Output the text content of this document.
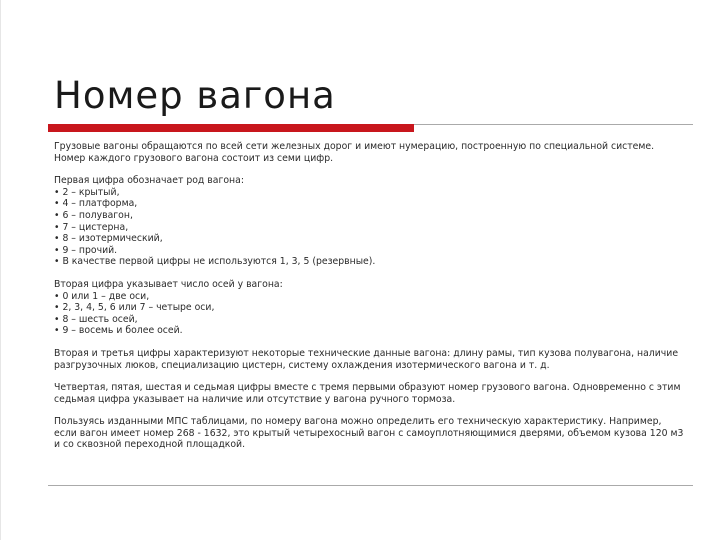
Номер вагона

Грузовые вагоны обращаются по всей сети железных дорог и имеют нумерацию, построенную по специальной системе. Номер каждого грузового вагона состоит из семи цифр.

Первая цифра обозначает род вагона:
• 2 – крытый,
• 4 – платформа,
• 6 – полувагон,
• 7 – цистерна,
• 8 – изотермический,
• 9 – прочий.
• В качестве первой цифры не используются 1, 3, 5 (резервные).
Вторая цифра указывает число осей у вагона:
• 0 или 1 – две оси,
• 2, 3, 4, 5, 6 или 7 – четыре оси,
• 8 – шесть осей,
• 9 – восемь и более осей.

Вторая и третья цифры характеризуют некоторые технические данные вагона: длину рамы, тип кузова полувагона, наличие разгрузочных люков, специализацию цистерн, систему охлаждения изотермического вагона и т. д.

Четвертая, пятая, шестая и седьмая цифры вместе с тремя первыми образуют номер грузового вагона. Одновременно с этим седьмая цифра указывает на наличие или отсутствие у вагона ручного тормоза.

Пользуясь изданными МПС таблицами, по номеру вагона можно определить его техническую характеристику. Например, если вагон имеет номер 268 - 1632, это крытый четырехосный вагон с самоуплотняющимися дверями, объемом кузова 120 м3 и со сквозной переходной площадкой.
